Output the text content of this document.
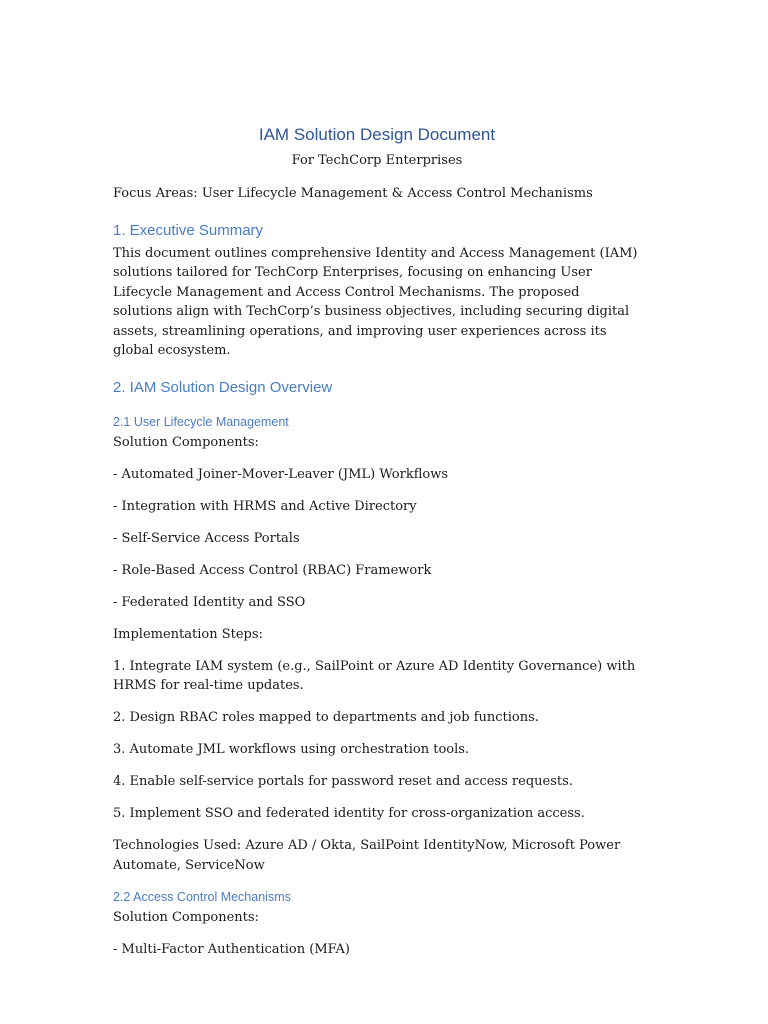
IAM Solution Design Document
For TechCorp Enterprises

Focus Areas: User Lifecycle Management & Access Control Mechanisms

1. Executive Summary

This document outlines comprehensive Identity and Access Management (IAM) solutions tailored for TechCorp Enterprises, focusing on enhancing User Lifecycle Management and Access Control Mechanisms. The proposed solutions align with TechCorp’s business objectives, including securing digital assets, streamlining operations, and improving user experiences across its global ecosystem.

2. IAM Solution Design Overview
2.1 User Lifecycle Management

Solution Components:

- Automated Joiner-Mover-Leaver (JML) Workflows

- Integration with HRMS and Active Directory

- Self-Service Access Portals

- Role-Based Access Control (RBAC) Framework

- Federated Identity and SSO

Implementation Steps:

1. Integrate IAM system (e.g., SailPoint or Azure AD Identity Governance) with HRMS for real-time updates.

2. Design RBAC roles mapped to departments and job functions.

3. Automate JML workflows using orchestration tools.

4. Enable self-service portals for password reset and access requests.

5. Implement SSO and federated identity for cross-organization access.

Technologies Used: Azure AD / Okta, SailPoint IdentityNow, Microsoft Power Automate, ServiceNow

2.2 Access Control Mechanisms

Solution Components:

- Multi-Factor Authentication (MFA)
